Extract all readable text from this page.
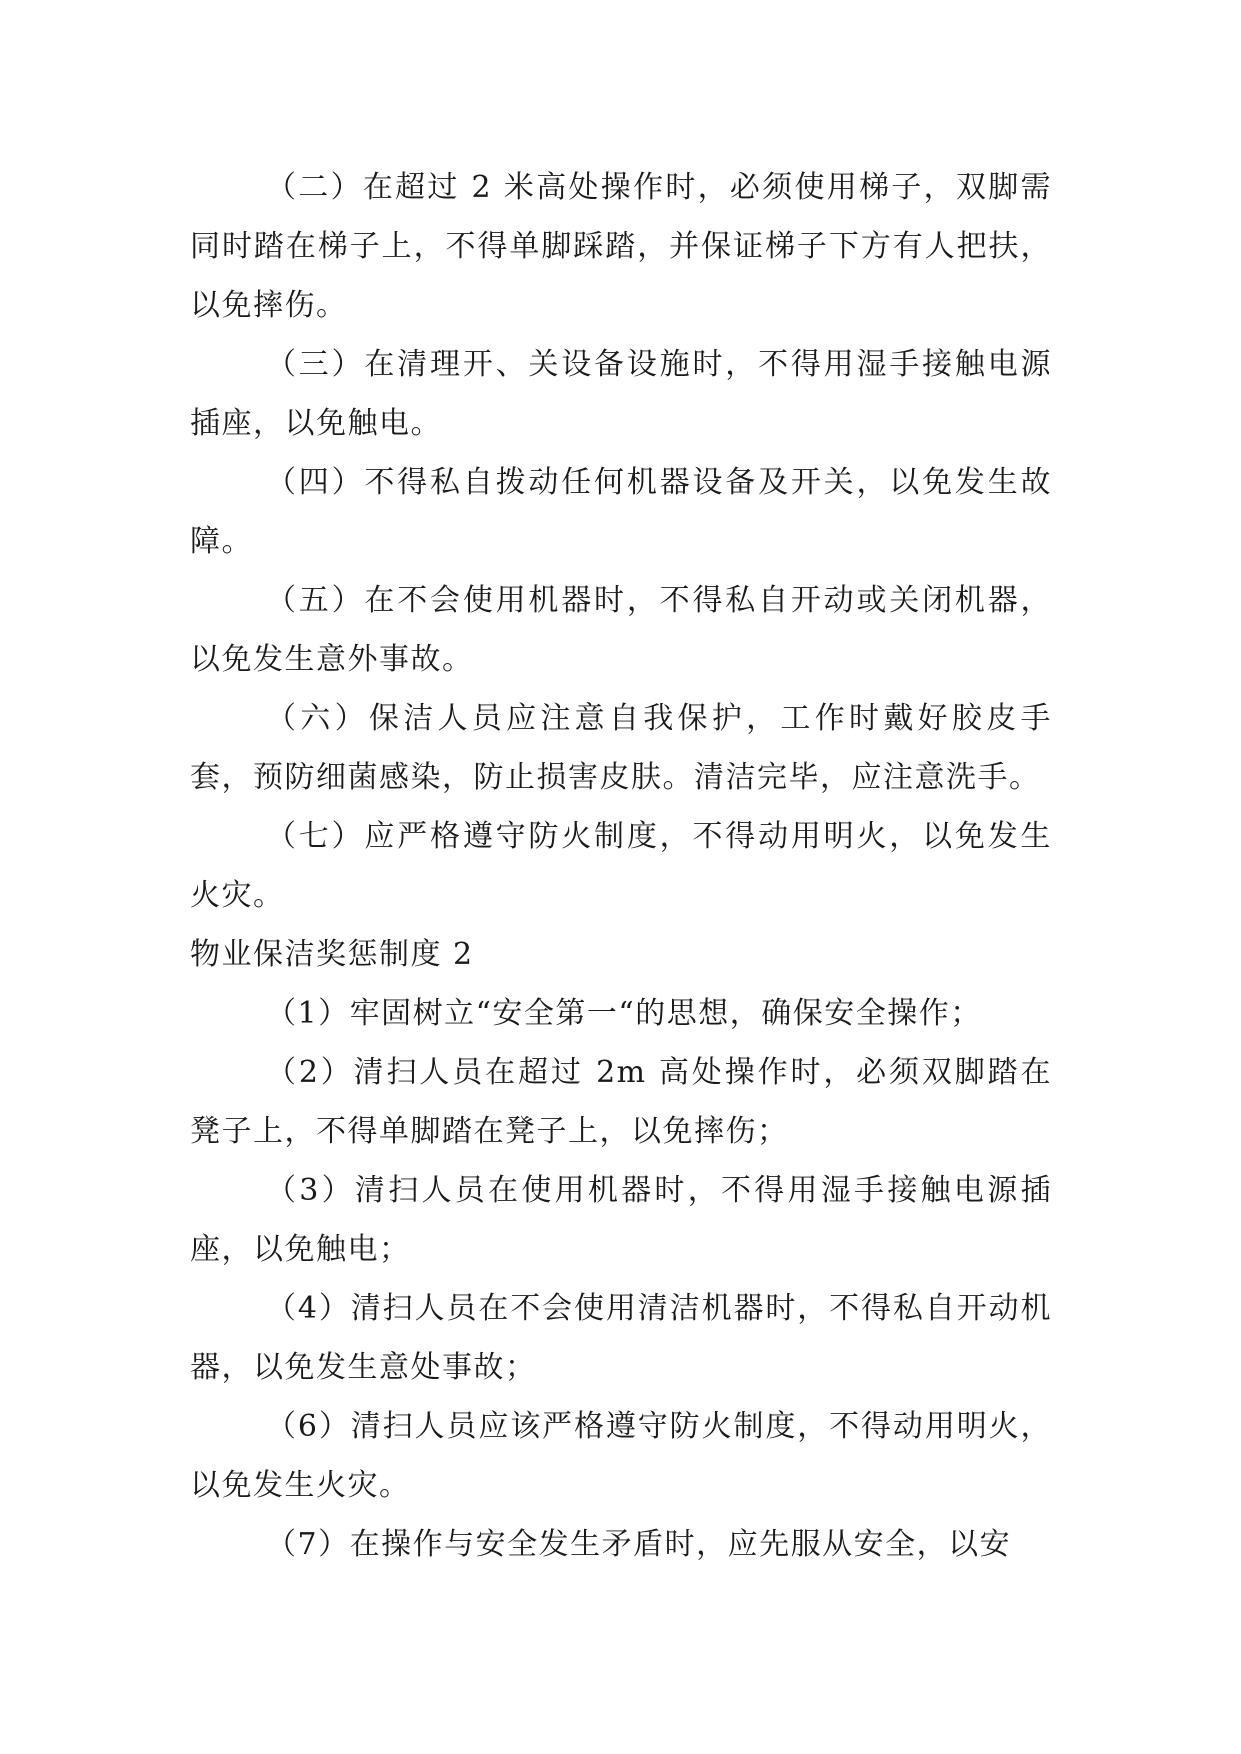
（二）在超过 2 米高处操作时，必须使用梯子，双脚需同时踏在梯子上，不得单脚踩踏，并保证梯子下方有人把扶，以免摔伤。

（三）在清理开、关设备设施时，不得用湿手接触电源插座，以免触电。

（四）不得私自拨动任何机器设备及开关，以免发生故障。

（五）在不会使用机器时，不得私自开动或关闭机器，以免发生意外事故。

（六）保洁人员应注意自我保护，工作时戴好胶皮手套，预防细菌感染，防止损害皮肤。清洁完毕，应注意洗手。

（七）应严格遵守防火制度，不得动用明火，以免发生火灾。

物业保洁奖惩制度 2

（1）牢固树立“安全第一“的思想，确保安全操作；

（2）清扫人员在超过 2m 高处操作时，必须双脚踏在凳子上，不得单脚踏在凳子上，以免摔伤；

（3）清扫人员在使用机器时，不得用湿手接触电源插座，以免触电；

（4）清扫人员在不会使用清洁机器时，不得私自开动机器，以免发生意处事故；

（6）清扫人员应该严格遵守防火制度，不得动用明火，以免发生火灾。

（7）在操作与安全发生矛盾时，应先服从安全，以安
